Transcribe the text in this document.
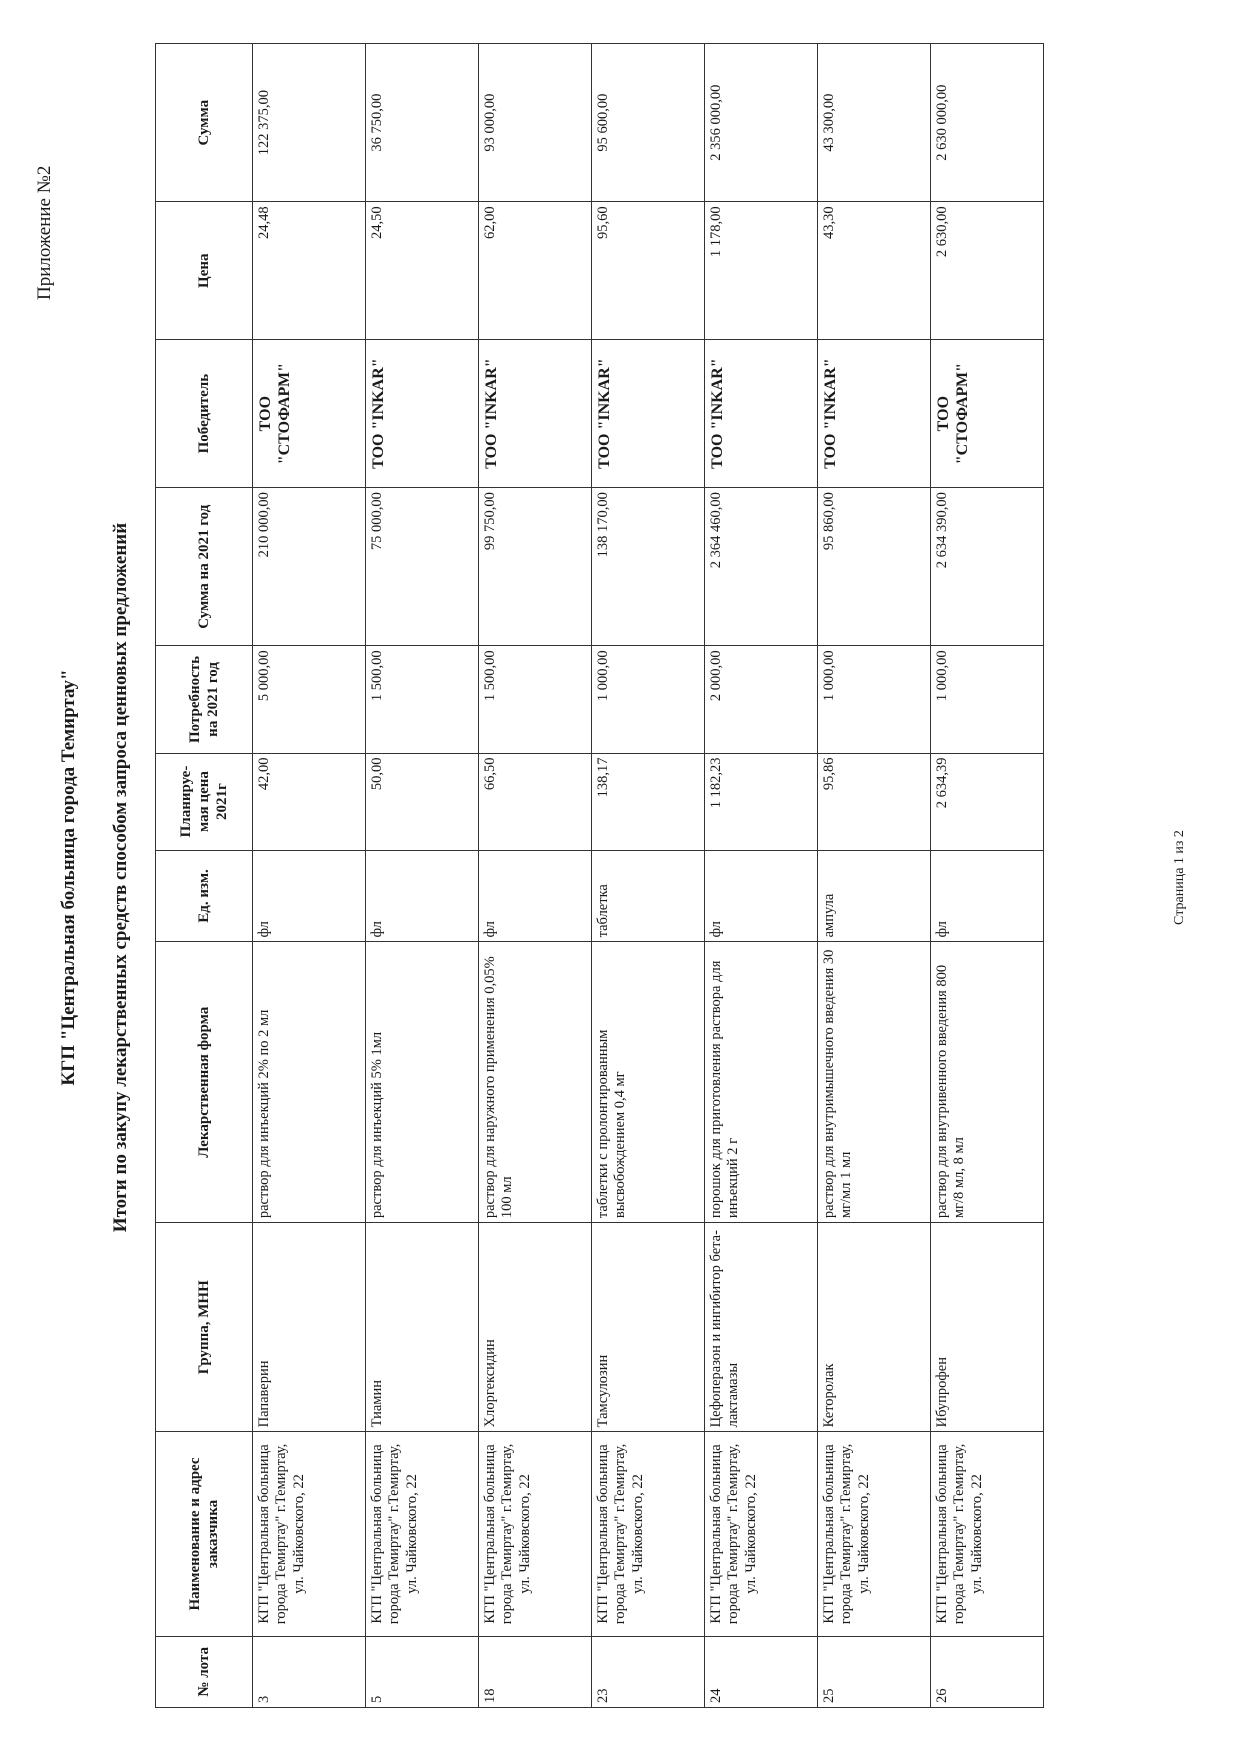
Приложение №2
КГП "Центральная больница города Темиртау" Итоги по закупу лекарственных средств способом запроса ценновых предложений
№ лота	Наименование и адрес заказчика	Группа, МНН	Лекарственная форма	Ед. изм.	Планируе-мая цена 2021г	Потребность на 2021 год	Сумма на 2021 год	Победитель	Цена	Сумма
3	КГП "Центральная больница города Темиртау" г.Темиртау, ул. Чайковского, 22	Папаверин	раствор для инъекций 2% по 2 мл	фл	42,00	5 000,00	210 000,00	ТОО "СТОФАРМ"	24,48	122 375,00
5	КГП "Центральная больница города Темиртау" г.Темиртау, ул. Чайковского, 22	Тиамин	раствор для инъекций 5% 1мл	фл	50,00	1 500,00	75 000,00	ТОО "INKAR"	24,50	36 750,00
18	КГП "Центральная больница города Темиртау" г.Темиртау, ул. Чайковского, 22	Хлоргексидин	раствор для наружного применения 0,05% 100 мл	фл	66,50	1 500,00	99 750,00	ТОО "INKAR"	62,00	93 000,00
23	КГП "Центральная больница города Темиртау" г.Темиртау, ул. Чайковского, 22	Тамсулозин	таблетки с пролонгированным высвобождением 0,4 мг	таблетка	138,17	1 000,00	138 170,00	ТОО "INKAR"	95,60	95 600,00
24	КГП "Центральная больница города Темиртау" г.Темиртау, ул. Чайковского, 22	Цефоперазон и ингибитор бета-лактамазы	порошок для приготовления раствора для инъекций 2 г	фл	1 182,23	2 000,00	2 364 460,00	ТОО "INKAR"	1 178,00	2 356 000,00
25	КГП "Центральная больница города Темиртау" г.Темиртау, ул. Чайковского, 22	Кеторолак	раствор для внутримышечного введения 30 мг/мл 1 мл	ампула	95,86	1 000,00	95 860,00	ТОО "INKAR"	43,30	43 300,00
26	КГП "Центральная больница города Темиртау" г.Темиртау, ул. Чайковского, 22	Ибупрофен	раствор для внутривенного введения 800 мг/8 мл, 8 мл	фл	2 634,39	1 000,00	2 634 390,00	ТОО "СТОФАРМ"	2 630,00	2 630 000,00
Страница 1 из 2
